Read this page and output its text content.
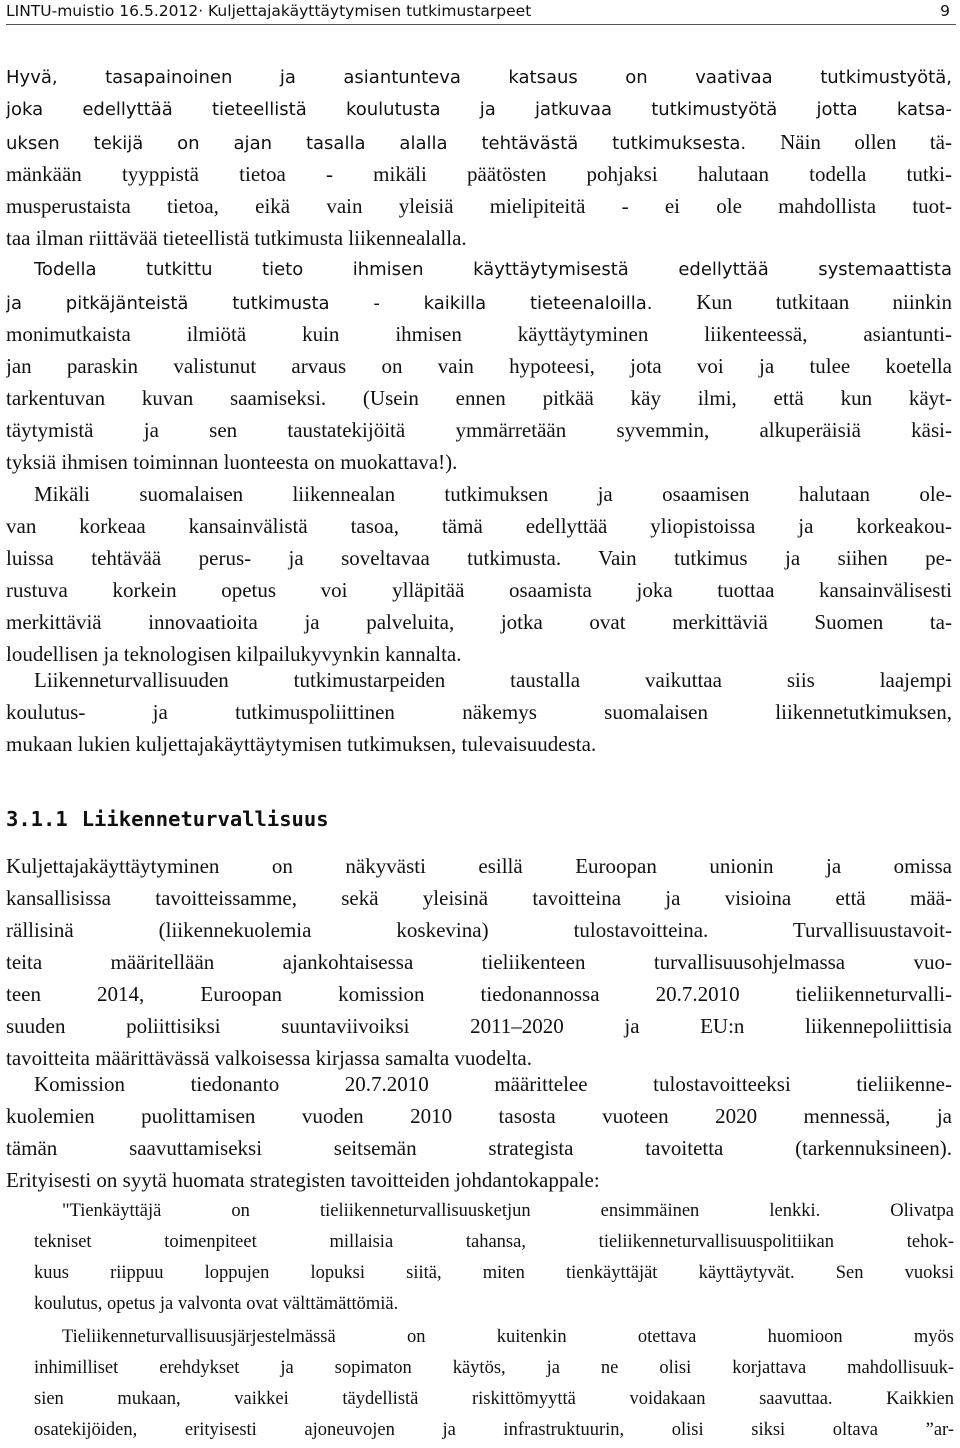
LINTU-muistio 16.5.2012· Kuljettajakäyttäytymisen tutkimustarpeet	9
Hyvä, tasapainoinen ja asiantunteva katsaus on vaativaa tutkimustyötä,
joka edellyttää tieteellistä koulutusta ja jatkuvaa tutkimustyötä jotta katsa-
uksen tekijä on ajan tasalla alalla tehtävästä tutkimuksesta. Näin ollen tä-
mänkään tyyppistä tietoa - mikäli päätösten pohjaksi halutaan todella tutki-
musperustaista tietoa, eikä vain yleisiä mielipiteitä - ei ole mahdollista tuot-
taa ilman riittävää tieteellistä tutkimusta liikennealalla.
Todella tutkittu tieto ihmisen käyttäytymisestä edellyttää systemaattista
ja pitkäjänteistä tutkimusta - kaikilla tieteenaloilla. Kun tutkitaan niinkin
monimutkaista ilmiötä kuin ihmisen käyttäytyminen liikenteessä, asiantunti-
jan paraskin valistunut arvaus on vain hypoteesi, jota voi ja tulee koetella
tarkentuvan kuvan saamiseksi. (Usein ennen pitkää käy ilmi, että kun käyt-
täytymistä ja sen taustatekijöitä ymmärretään syvemmin, alkuperäisiä käsi-
tyksiä ihmisen toiminnan luonteesta on muokattava!).
Mikäli suomalaisen liikennealan tutkimuksen ja osaamisen halutaan ole-
van korkeaa kansainvälistä tasoa, tämä edellyttää yliopistoissa ja korkeakou-
luissa tehtävää perus- ja soveltavaa tutkimusta. Vain tutkimus ja siihen pe-
rustuva korkein opetus voi ylläpitää osaamista joka tuottaa kansainvälisesti
merkittäviä innovaatioita ja palveluita, jotka ovat merkittäviä Suomen ta-
loudellisen ja teknologisen kilpailukyvynkin kannalta.
Liikenneturvallisuuden tutkimustarpeiden taustalla vaikuttaa siis laajempi
koulutus- ja tutkimuspoliittinen näkemys suomalaisen liikennetutkimuksen,
mukaan lukien kuljettajakäyttäytymisen tutkimuksen, tulevaisuudesta.
3.1.1 Liikenneturvallisuus
Kuljettajakäyttäytyminen on näkyvästi esillä Euroopan unionin ja omissa
kansallisissa tavoitteissamme, sekä yleisinä tavoitteina ja visioina että mää-
rällisinä (liikennekuolemia koskevina) tulostavoitteina. Turvallisuustavoit-
teita määritellään ajankohtaisessa tieliikenteen turvallisuusohjelmassa vuo-
teen 2014, Euroopan komission tiedonannossa 20.7.2010 tieliikenneturvalli-
suuden poliittisiksi suuntaviivoiksi 2011–2020 ja EU:n liikennepoliittisia
tavoitteita määrittävässä valkoisessa kirjassa samalta vuodelta.
Komission tiedonanto 20.7.2010 määrittelee tulostavoitteeksi tieliikenne-
kuolemien puolittamisen vuoden 2010 tasosta vuoteen 2020 mennessä, ja
tämän saavuttamiseksi seitsemän strategista tavoitetta (tarkennuksineen).
Erityisesti on syytä huomata strategisten tavoitteiden johdantokappale:
"Tienkäyttäjä on tieliikenneturvallisuusketjun ensimmäinen lenkki. Olivatpa
tekniset toimenpiteet millaisia tahansa, tieliikenneturvallisuuspolitiikan tehok-
kuus riippuu loppujen lopuksi siitä, miten tienkäyttäjät käyttäytyvät. Sen vuoksi
koulutus, opetus ja valvonta ovat välttämättömiä.
Tieliikenneturvallisuusjärjestelmässä on kuitenkin otettava huomioon myös
inhimilliset erehdykset ja sopimaton käytös, ja ne olisi korjattava mahdollisuuk-
sien mukaan, vaikkei täydellistä riskittömyyttä voidakaan saavuttaa. Kaikkien
osatekijöiden, erityisesti ajoneuvojen ja infrastruktuurin, olisi siksi oltava ”ar-
